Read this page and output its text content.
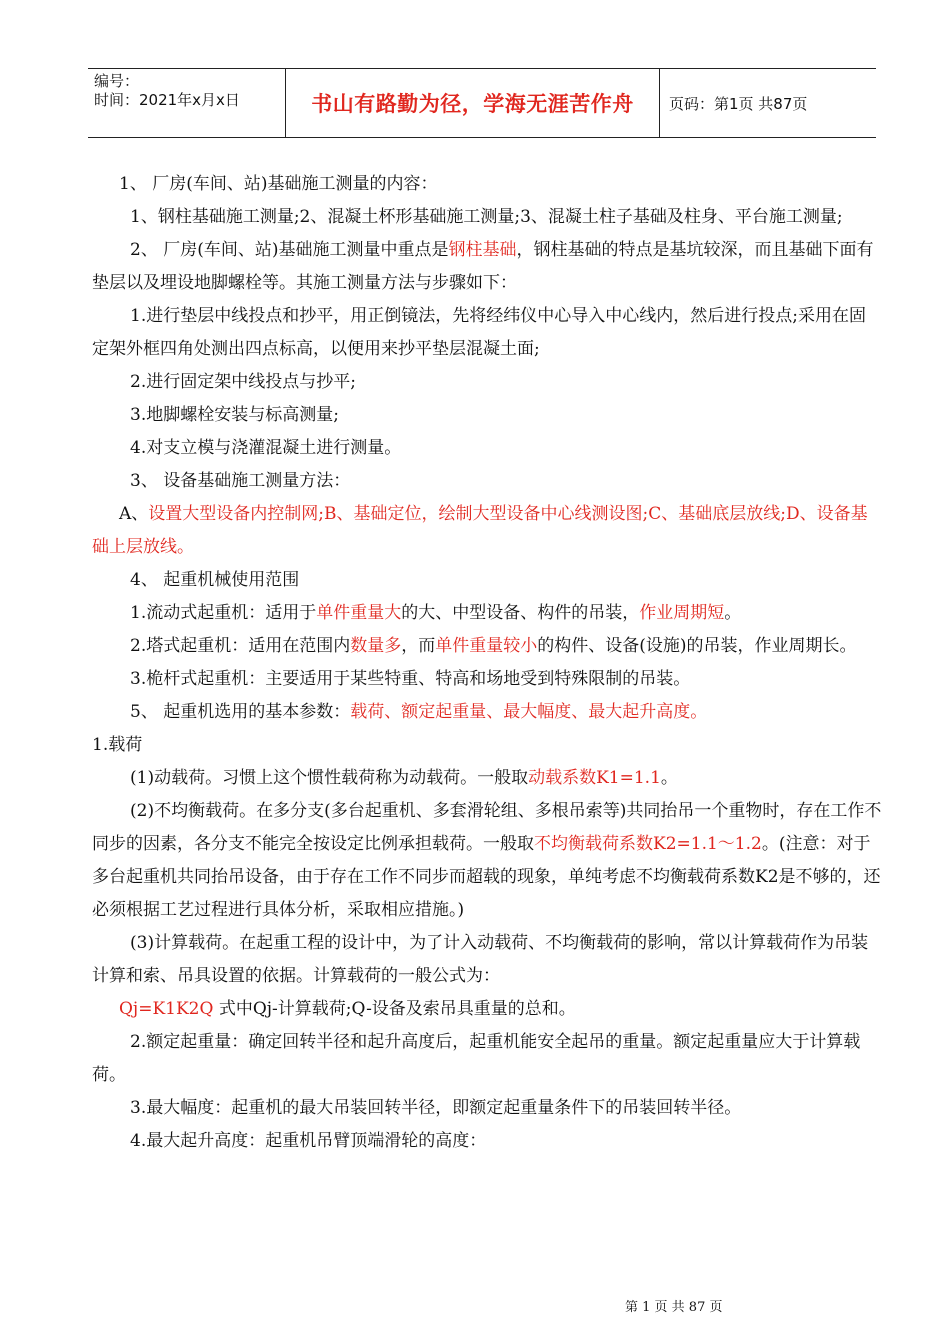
编号：
时间：2021年x月x日	书山有路勤为径，学海无涯苦作舟	页码：第1页 共87页

1、 厂房(车间、站)基础施工测量的内容：

1、钢柱基础施工测量;2、混凝土杯形基础施工测量;3、混凝土柱子基础及柱身、平台施工测量;

2、 厂房(车间、站)基础施工测量中重点是钢柱基础，钢柱基础的特点是基坑较深，而且基础下面有垫层以及埋设地脚螺栓等。其施工测量方法与步骤如下：

1.进行垫层中线投点和抄平，用正倒镜法，先将经纬仪中心导入中心线内，然后进行投点;采用在固定架外框四角处测出四点标高，以便用来抄平垫层混凝土面;

2.进行固定架中线投点与抄平;

3.地脚螺栓安装与标高测量;

4.对支立模与浇灌混凝土进行测量。

3、 设备基础施工测量方法：

A、设置大型设备内控制网;B、基础定位，绘制大型设备中心线测设图;C、基础底层放线;D、设备基础上层放线。

4、 起重机械使用范围

1.流动式起重机：适用于单件重量大的大、中型设备、构件的吊装，作业周期短。

2.塔式起重机：适用在范围内数量多，而单件重量较小的构件、设备(设施)的吊装，作业周期长。

3.桅杆式起重机：主要适用于某些特重、特高和场地受到特殊限制的吊装。

5、 起重机选用的基本参数：载荷、额定起重量、最大幅度、最大起升高度。

1.载荷

(1)动载荷。习惯上这个惯性载荷称为动载荷。一般取动载系数K1=1.1。

(2)不均衡载荷。在多分支(多台起重机、多套滑轮组、多根吊索等)共同抬吊一个重物时，存在工作不同步的因素，各分支不能完全按设定比例承担载荷。一般取不均衡载荷系数K2=1.1～1.2。(注意：对于多台起重机共同抬吊设备，由于存在工作不同步而超载的现象，单纯考虑不均衡载荷系数K2是不够的，还必须根据工艺过程进行具体分析，采取相应措施。)

(3)计算载荷。在起重工程的设计中，为了计入动载荷、不均衡载荷的影响，常以计算载荷作为吊装计算和索、吊具设置的依据。计算载荷的一般公式为：

Qj=K1K2Q 式中Qj-计算载荷;Q-设备及索吊具重量的总和。

2.额定起重量：确定回转半径和起升高度后，起重机能安全起吊的重量。额定起重量应大于计算载荷。

3.最大幅度：起重机的最大吊装回转半径，即额定起重量条件下的吊装回转半径。

4.最大起升高度：起重机吊臂顶端滑轮的高度：

第 1 页 共 87 页
